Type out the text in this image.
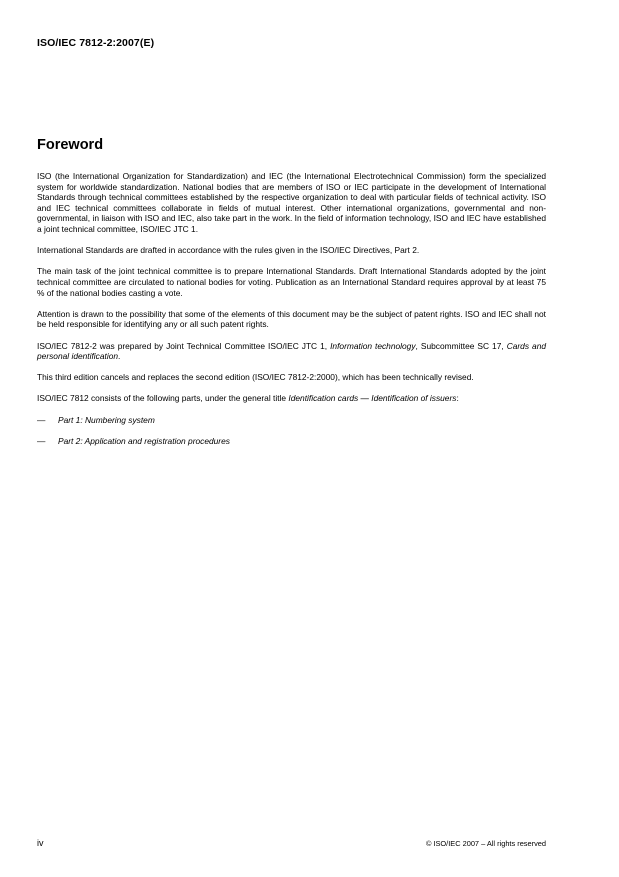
ISO/IEC 7812-2:2007(E)
Foreword

ISO (the International Organization for Standardization) and IEC (the International Electrotechnical Commission) form the specialized system for worldwide standardization. National bodies that are members of ISO or IEC participate in the development of International Standards through technical committees established by the respective organization to deal with particular fields of technical activity. ISO and IEC technical committees collaborate in fields of mutual interest. Other international organizations, governmental and non-governmental, in liaison with ISO and IEC, also take part in the work. In the field of information technology, ISO and IEC have established a joint technical committee, ISO/IEC JTC 1.

International Standards are drafted in accordance with the rules given in the ISO/IEC Directives, Part 2.

The main task of the joint technical committee is to prepare International Standards. Draft International Standards adopted by the joint technical committee are circulated to national bodies for voting. Publication as an International Standard requires approval by at least 75 % of the national bodies casting a vote.

Attention is drawn to the possibility that some of the elements of this document may be the subject of patent rights. ISO and IEC shall not be held responsible for identifying any or all such patent rights.

ISO/IEC 7812-2 was prepared by Joint Technical Committee ISO/IEC JTC 1, Information technology, Subcommittee SC 17, Cards and personal identification.

This third edition cancels and replaces the second edition (ISO/IEC 7812-2:2000), which has been technically revised.

ISO/IEC 7812 consists of the following parts, under the general title Identification cards — Identification of issuers:

—	Part 1: Numbering system
—	Part 2: Application and registration procedures
iv	© ISO/IEC 2007 – All rights reserved
